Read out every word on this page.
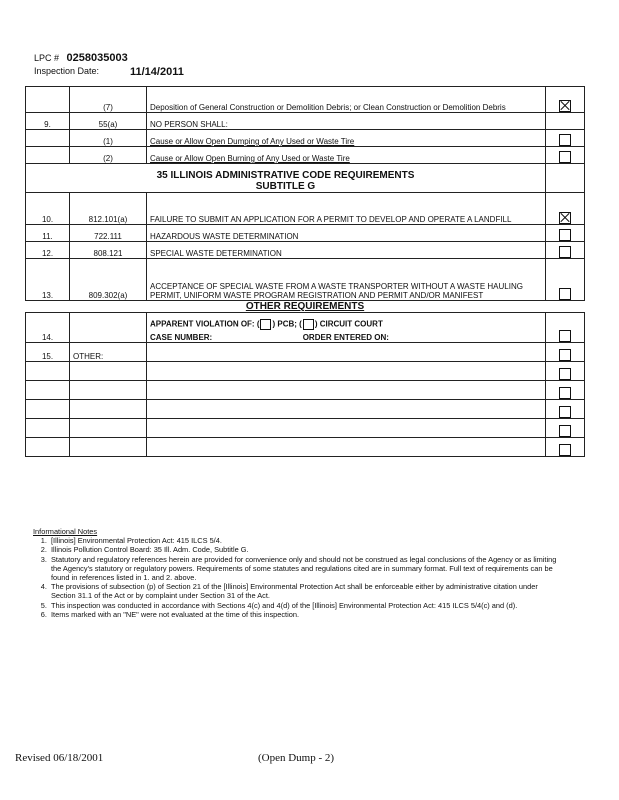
LPC # 0258035003
Inspection Date:	11/14/2011
	(7)	Deposition of General Construction or Demolition Debris; or Clean Construction or Demolition Debris	
9.	55(a)	NO PERSON SHALL:	
	(1)	Cause or Allow Open Dumping of Any Used or Waste Tire	
	(2)	Cause or Allow Open Burning of Any Used or Waste Tire	

35 ILLINOIS ADMINISTRATIVE CODE REQUIREMENTS
SUBTITLE G			

10.	812.101(a)	FAILURE TO SUBMIT AN APPLICATION FOR A PERMIT TO DEVELOP AND OPERATE A LANDFILL	
11.	722.111	HAZARDOUS WASTE DETERMINATION	
12.	808.121	SPECIAL WASTE DETERMINATION	
13.	809.302(a)	ACCEPTANCE OF SPECIAL WASTE FROM A WASTE TRANSPORTER WITHOUT A WASTE HAULING PERMIT, UNIFORM WASTE PROGRAM REGISTRATION AND PERMIT AND/OR MANIFEST	
OTHER REQUIREMENTS			
14.		APPARENT VIOLATION OF: ( ) PCB; ( ) CIRCUIT COURT
CASE NUMBER: ORDER ENTERED ON:	

15.	OTHER:		

Informational Notes
1. [Illinois] Environmental Protection Act: 415 ILCS 5/4.
2. Illinois Pollution Control Board: 35 Ill. Adm. Code, Subtitle G.
3. Statutory and regulatory references herein are provided for convenience only and should not be construed as legal conclusions of the Agency or as limiting the Agency's statutory or regulatory powers. Requirements of some statutes and regulations cited are in summary format. Full text of requirements can be found in references listed in 1. and 2. above.
4. The provisions of subsection (p) of Section 21 of the [Illinois] Environmental Protection Act shall be enforceable either by administrative citation under Section 31.1 of the Act or by complaint under Section 31 of the Act.
5. This inspection was conducted in accordance with Sections 4(c) and 4(d) of the [Illinois] Environmental Protection Act: 415 ILCS 5/4(c) and (d).
6. Items marked with an "NE" were not evaluated at the time of this inspection.
Revised 06/18/2001	(Open Dump - 2)
